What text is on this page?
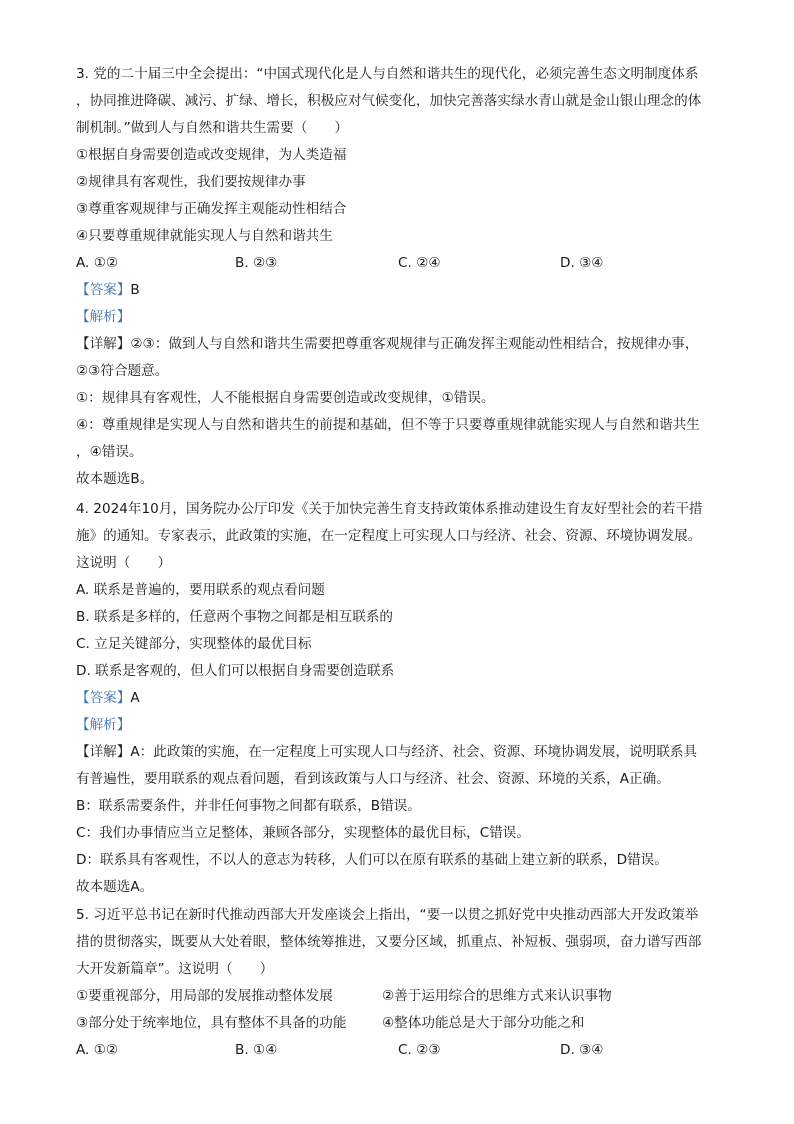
3. 党的二十届三中全会提出：“中国式现代化是人与自然和谐共生的现代化，必须完善生态文明制度体系
，协同推进降碳、减污、扩绿、增长，积极应对气候变化，加快完善落实绿水青山就是金山银山理念的体
制机制。”做到人与自然和谐共生需要（　　）
①根据自身需要创造或改变规律，为人类造福
②规律具有客观性，我们要按规律办事
③尊重客观规律与正确发挥主观能动性相结合
④只要尊重规律就能实现人与自然和谐共生
A. ①②	B. ②③	C. ②④	D. ③④
【答案】B
【解析】
【详解】②③：做到人与自然和谐共生需要把尊重客观规律与正确发挥主观能动性相结合，按规律办事，
②③符合题意。
①：规律具有客观性，人不能根据自身需要创造或改变规律，①错误。
④：尊重规律是实现人与自然和谐共生的前提和基础，但不等于只要尊重规律就能实现人与自然和谐共生
，④错误。
故本题选B。
4. 2024年10月，国务院办公厅印发《关于加快完善生育支持政策体系推动建设生育友好型社会的若干措
施》的通知。专家表示，此政策的实施，在一定程度上可实现人口与经济、社会、资源、环境协调发展。
这说明（　　）
A. 联系是普遍的，要用联系的观点看问题
B. 联系是多样的，任意两个事物之间都是相互联系的
C. 立足关键部分，实现整体的最优目标
D. 联系是客观的，但人们可以根据自身需要创造联系
【答案】A
【解析】
【详解】A：此政策的实施，在一定程度上可实现人口与经济、社会、资源、环境协调发展，说明联系具
有普遍性，要用联系的观点看问题，看到该政策与人口与经济、社会、资源、环境的关系，A正确。
B：联系需要条件，并非任何事物之间都有联系，B错误。
C：我们办事情应当立足整体，兼顾各部分，实现整体的最优目标，C错误。
D：联系具有客观性，不以人的意志为转移，人们可以在原有联系的基础上建立新的联系，D错误。
故本题选A。
5. 习近平总书记在新时代推动西部大开发座谈会上指出，“要一以贯之抓好党中央推动西部大开发政策举
措的贯彻落实，既要从大处着眼，整体统筹推进，又要分区域，抓重点、补短板、强弱项，奋力谱写西部
大开发新篇章”。这说明（　　）
①要重视部分，用局部的发展推动整体发展	②善于运用综合的思维方式来认识事物
③部分处于统率地位，具有整体不具备的功能	④整体功能总是大于部分功能之和
A. ①②	B. ①④	C. ②③	D. ③④
